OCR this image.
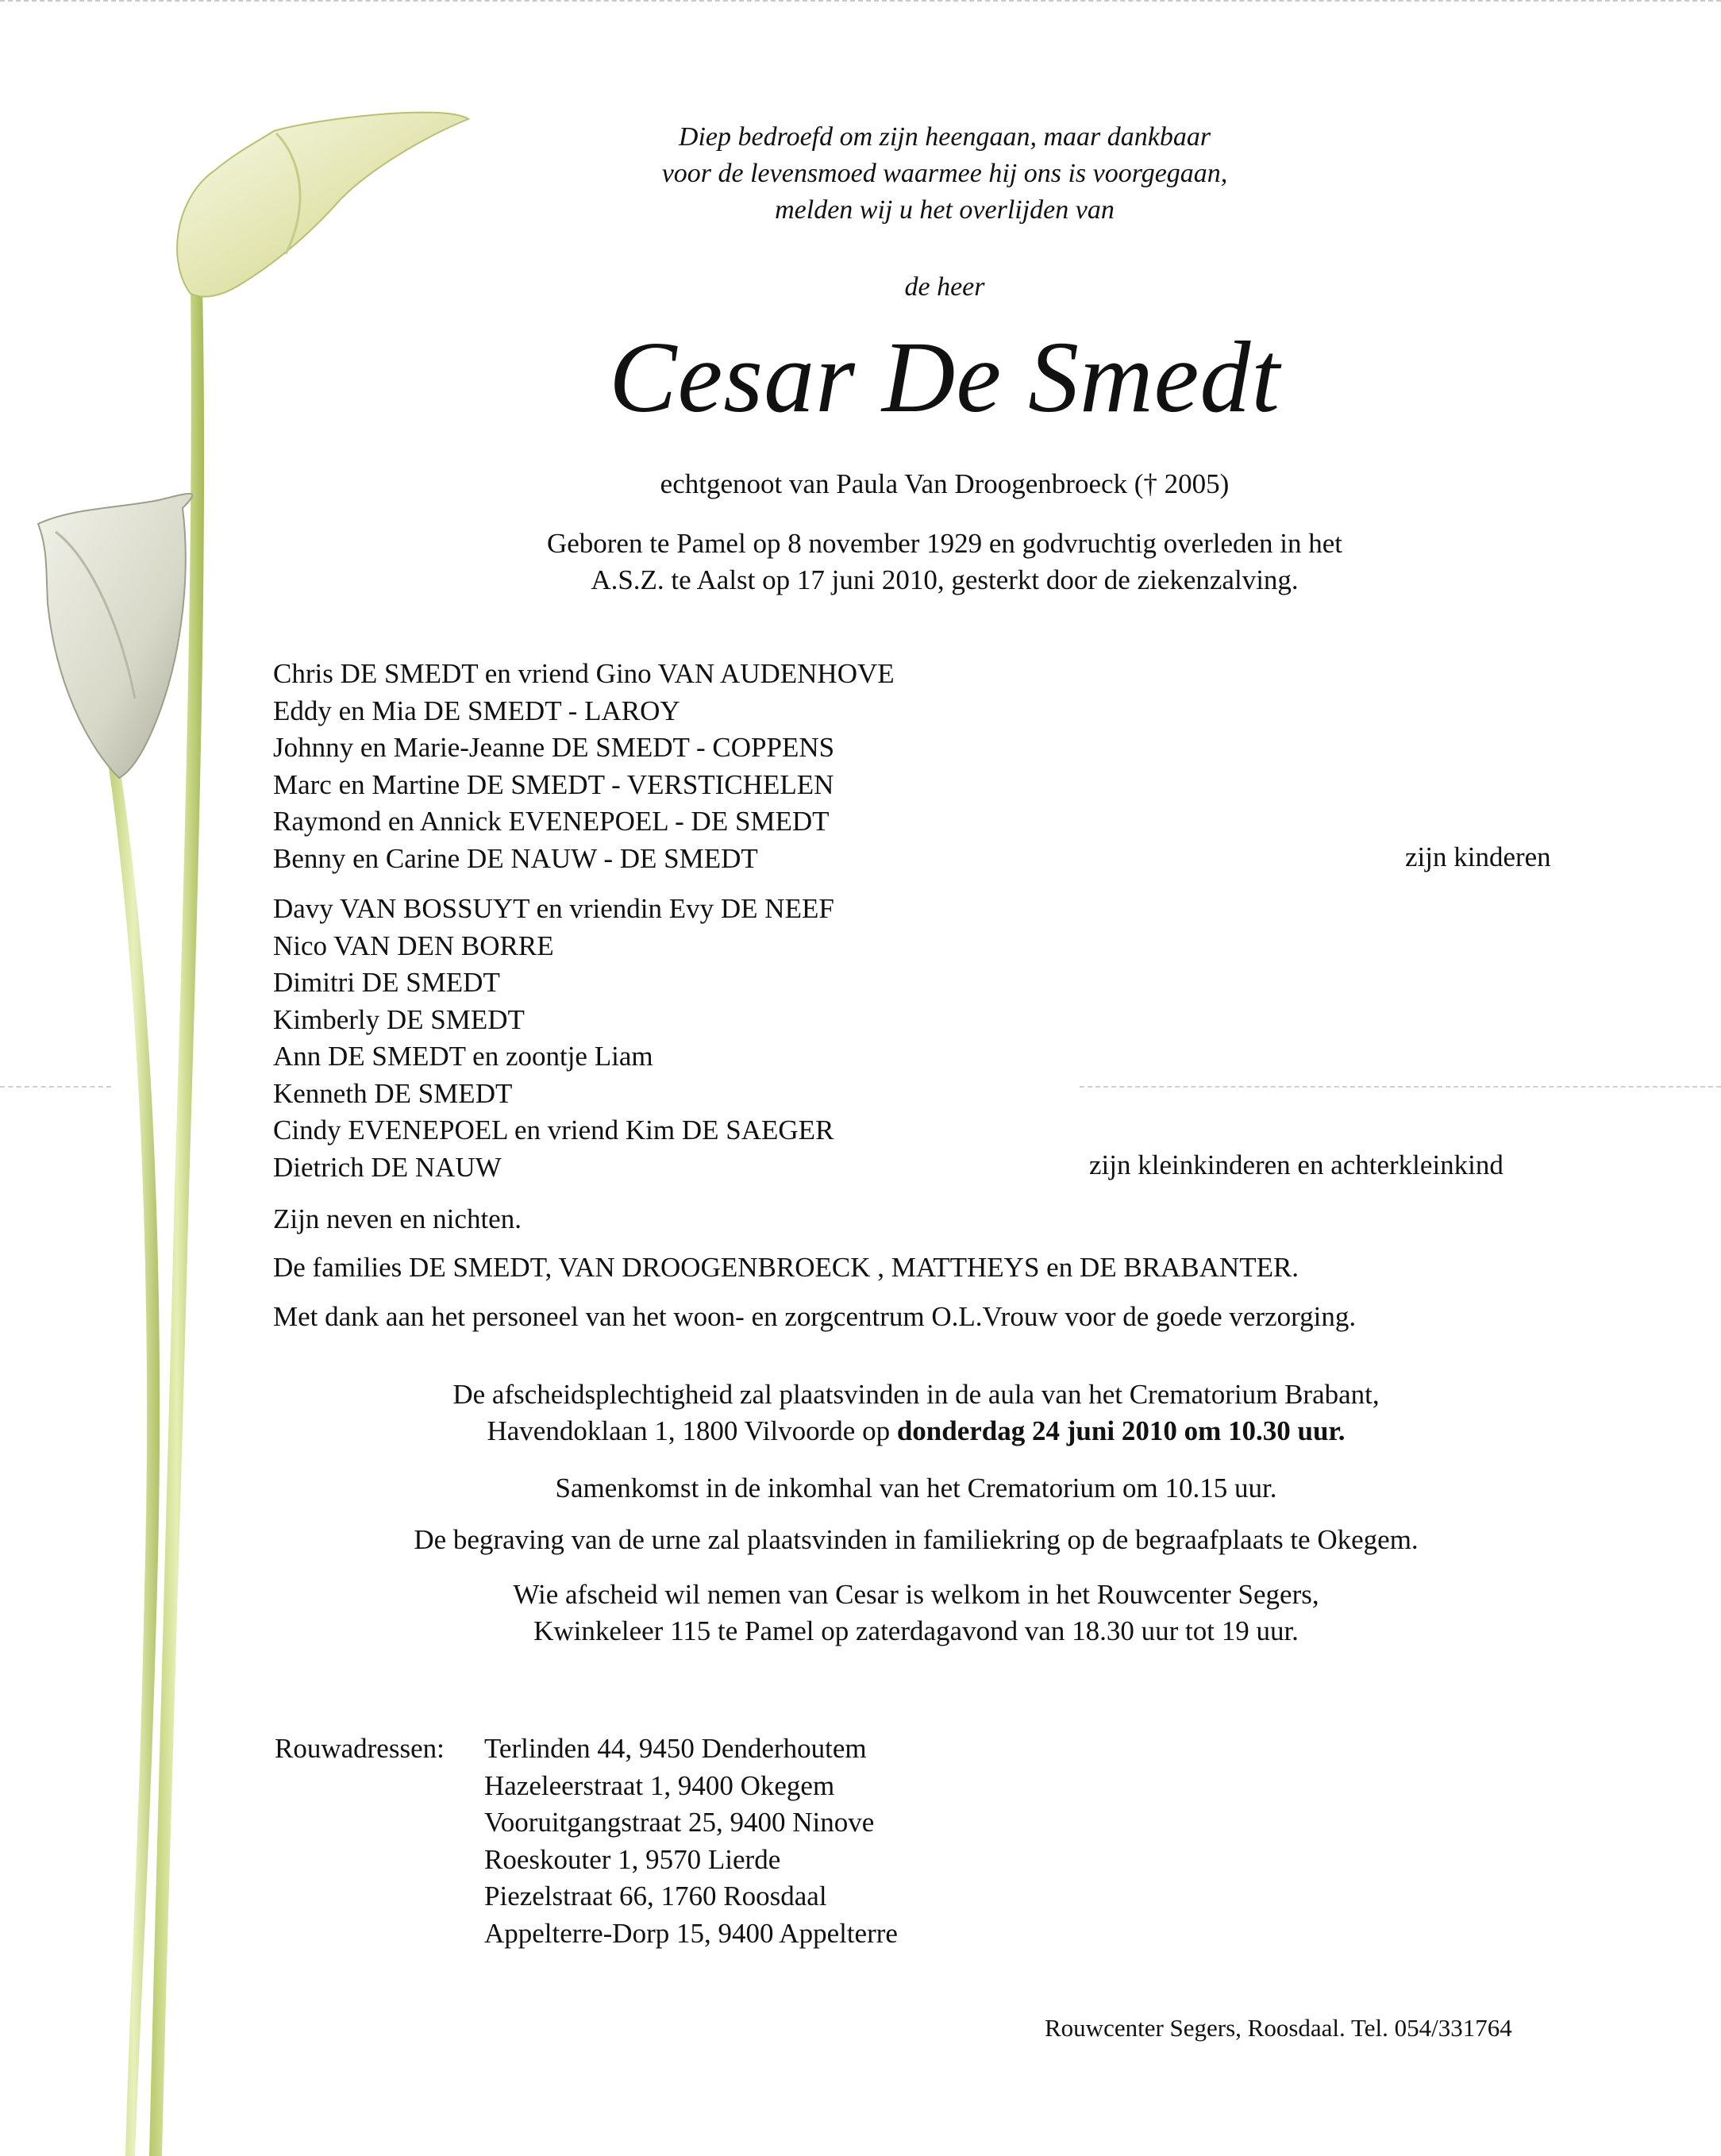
Diep bedroefd om zijn heengaan, maar dankbaar
voor de levensmoed waarmee hij ons is voorgegaan,
melden wij u het overlijden van
de heer
Cesar De Smedt
echtgenoot van Paula Van Droogenbroeck († 2005)
Geboren te Pamel op 8 november 1929 en godvruchtig overleden in het
A.S.Z. te Aalst op 17 juni 2010, gesterkt door de ziekenzalving.
Chris DE SMEDT en vriend Gino VAN AUDENHOVE
Eddy en Mia DE SMEDT - LAROY
Johnny en Marie-Jeanne DE SMEDT - COPPENS
Marc en Martine DE SMEDT - VERSTICHELEN
Raymond en Annick EVENEPOEL - DE SMEDT
Benny en Carine DE NAUW - DE SMEDT	zijn kinderen
Davy VAN BOSSUYT en vriendin Evy DE NEEF
Nico VAN DEN BORRE
Dimitri DE SMEDT
Kimberly DE SMEDT
Ann DE SMEDT en zoontje Liam
Kenneth DE SMEDT
Cindy EVENEPOEL en vriend Kim DE SAEGER
Dietrich DE NAUW	zijn kleinkinderen en achterkleinkind
Zijn neven en nichten.
De families DE SMEDT, VAN DROOGENBROECK , MATTHEYS en DE BRABANTER.
Met dank aan het personeel van het woon- en zorgcentrum O.L.Vrouw voor de goede verzorging.
De afscheidsplechtigheid zal plaatsvinden in de aula van het Crematorium Brabant,
Havendoklaan 1, 1800 Vilvoorde op donderdag 24 juni 2010 om 10.30 uur.
Samenkomst in de inkomhal van het Crematorium om 10.15 uur.
De begraving van de urne zal plaatsvinden in familiekring op de begraafplaats te Okegem.
Wie afscheid wil nemen van Cesar is welkom in het Rouwcenter Segers,
Kwinkeleer 115 te Pamel op zaterdagavond van 18.30 uur tot 19 uur.
Rouwadressen: Terlinden 44, 9450 Denderhoutem
Hazeleerstraat 1, 9400 Okegem
Vooruitgangstraat 25, 9400 Ninove
Roeskouter 1, 9570 Lierde
Piezelstraat 66, 1760 Roosdaal
Appelterre-Dorp 15, 9400 Appelterre
Rouwcenter Segers, Roosdaal. Tel. 054/331764
